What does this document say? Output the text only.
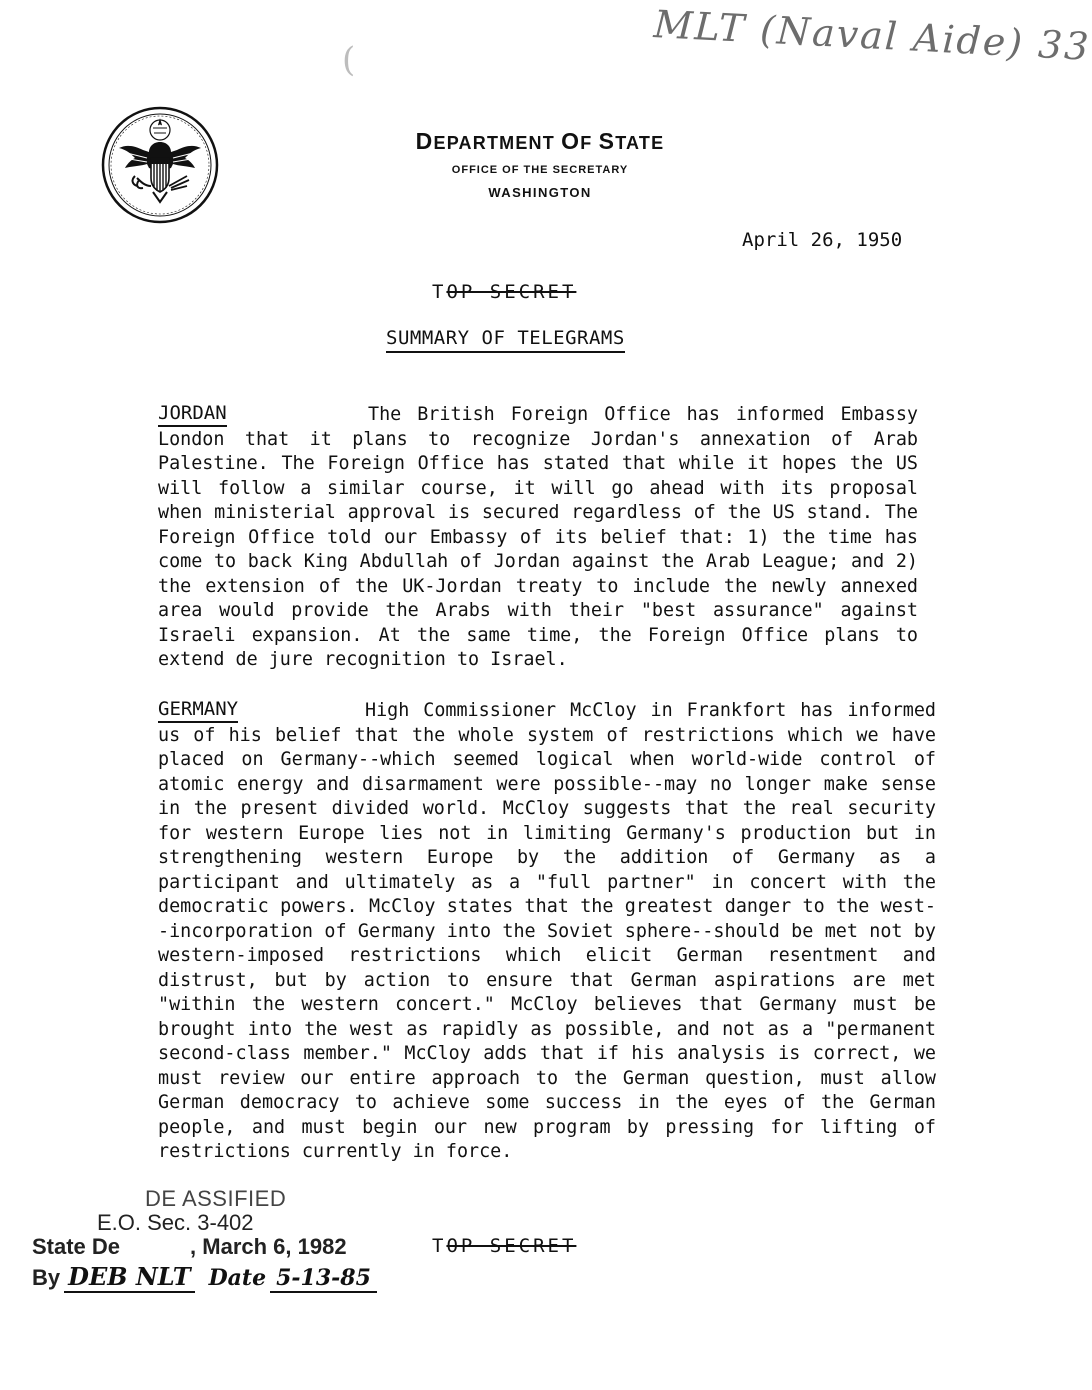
MLT (Naval Aide) 33
(
DEPARTMENT OF STATE
OFFICE OF THE SECRETARY
WASHINGTON
April 26, 1950
TOP SECRET
SUMMARY OF TELEGRAMS
The British Foreign Office has informed Embassy London that it plans to recognize Jordan's annexation of Arab Palestine. The Foreign Office has stated that while it hopes the US will follow a similar course, it will go ahead with its proposal when ministerial approval is secured regardless of the US stand. The Foreign Office told our Embassy of its belief that: 1) the time has come to back King Abdullah of Jordan against the Arab League; and 2) the extension of the UK-Jordan treaty to include the newly annexed area would provide the Arabs with their "best assurance" against Israeli expansion. At the same time, the Foreign Office plans to extend de jure recognition to Israel.
JORDAN
High Commissioner McCloy in Frankfort has informed us of his belief that the whole system of restrictions which we have placed on Germany--which seemed logical when world-wide control of atomic energy and disarmament were possible--may no longer make sense in the present divided world. McCloy suggests that the real security for western Europe lies not in limiting Germany's production but in strengthening western Europe by the addition of Germany as a participant and ultimately as a "full partner" in concert with the democratic powers. McCloy states that the greatest danger to the west--incorporation of Germany into the Soviet sphere--should be met not by western-imposed restrictions which elicit German resentment and distrust, but by action to ensure that German aspirations are met "within the western concert." McCloy believes that Germany must be brought into the west as rapidly as possible, and not as a "permanent second-class member." McCloy adds that if his analysis is correct, we must review our entire approach to the German question, must allow German democracy to achieve some success in the eyes of the German people, and must begin our new program by pressing for lifting of restrictions currently in force.
GERMANY
DE ASSIFIED
E.O. Sec. 3-402
State De	, March 6, 1982
By DEB NLT Date 5-13-85
TOP SECRET
